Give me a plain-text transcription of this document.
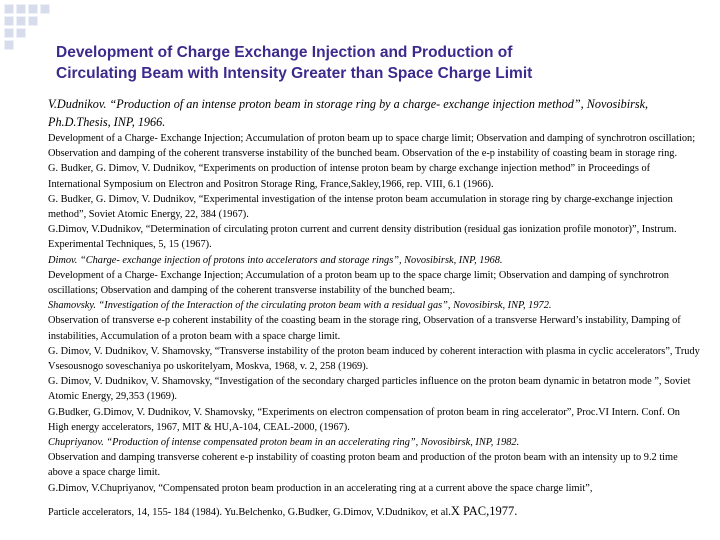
Development of Charge Exchange Injection and Production of
Circulating Beam with Intensity Greater than Space Charge Limit

V.Dudnikov. “Production of an intense proton beam in storage ring by a charge- exchange injection method”, Novosibirsk, Ph.D.Thesis, INP, 1966.

Development of a Charge- Exchange Injection; Accumulation of proton beam up to space charge limit; Observation and damping of synchrotron oscillation; Observation and damping of the coherent transverse instability of the bunched beam. Observation of the e-p instability of coasting beam in storage ring.

G. Budker, G. Dimov, V. Dudnikov, “Experiments on production of intense proton beam by charge exchange injection method” in Proceedings of International Symposium on Electron and Positron Storage Ring, France,Sakley,1966, rep. VIII, 6.1 (1966).

G. Budker, G. Dimov, V. Dudnikov, “Experimental investigation of the intense proton beam accumulation in storage ring by charge-exchange injection method”, Soviet Atomic Energy, 22, 384 (1967).

G.Dimov, V.Dudnikov, “Determination of circulating proton current and current density distribution (residual gas ionization profile monotor)”, Instrum. Experimental Techniques, 5, 15 (1967).

Dimov. “Charge- exchange injection of protons into accelerators and storage rings”, Novosibirsk, INP, 1968.

Development of a Charge- Exchange Injection; Accumulation of a proton beam up to the space charge limit; Observation and damping of synchrotron oscillations; Observation and damping of the coherent transverse instability of the bunched beam;.

Shamovsky. “Investigation of the Interaction of the circulating proton beam with a residual gas”, Novosibirsk, INP, 1972.

Observation of transverse e-p coherent instability of the coasting beam in the storage ring, Observation of a transverse Herward’s instability, Damping of instabilities, Accumulation of a proton beam with a space charge limit.

G. Dimov, V. Dudnikov, V. Shamovsky, “Transverse instability of the proton beam induced by coherent interaction with plasma in cyclic accelerators”, Trudy Vsesousnogo soveschaniya po uskoritelyam, Moskva, 1968, v. 2, 258 (1969).

G. Dimov, V. Dudnikov, V. Shamovsky, “Investigation of the secondary charged particles influence on the proton beam dynamic in betatron mode ”, Soviet Atomic Energy, 29,353 (1969).

G.Budker, G.Dimov, V. Dudnikov, V. Shamovsky, “Experiments on electron compensation of proton beam in ring accelerator”, Proc.VI Intern. Conf. On High energy accelerators, 1967, MIT & HU,A-104, CEAL-2000, (1967).

Chupriyanov. “Production of intense compensated proton beam in an accelerating ring”, Novosibirsk, INP, 1982.

Observation and damping transverse coherent e-p instability of coasting proton beam and production of the proton beam with an intensity up to 9.2 time above a space charge limit.

G.Dimov, V.Chupriyanov, “Compensated proton beam production in an accelerating ring at a current above the space charge limit”,

Particle accelerators, 14, 155- 184 (1984). Yu.Belchenko, G.Budker, G.Dimov, V.Dudnikov, et al.X PAC,1977.
